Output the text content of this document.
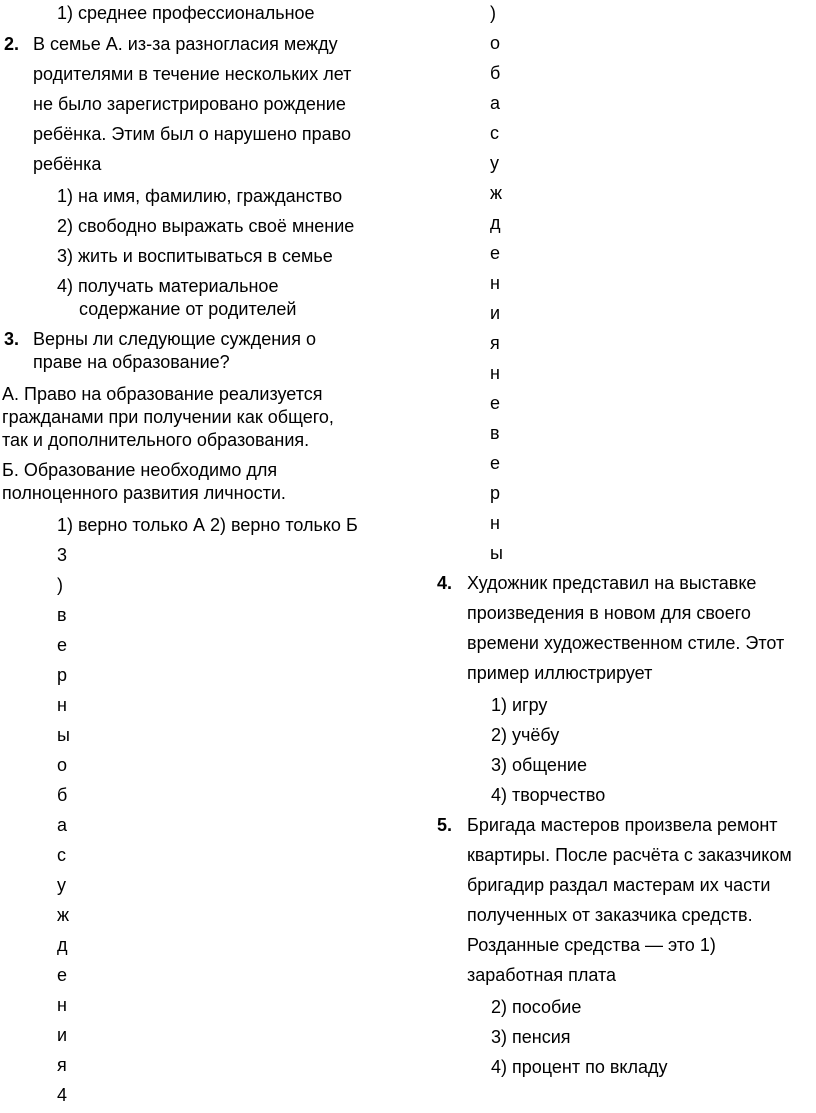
1) среднее профессиональное
2. В семье А. из-за разногласия между
родителями в течение нескольких лет
не было зарегистрировано рождение
ребёнка. Этим был о нарушено право
ребёнка
1) на имя, фамилию, гражданство
2) свободно выражать своё мнение
3) жить и воспитываться в семье
4) получать материальное
содержание от родителей
3. Верны ли следующие суждения о
праве на образование?
А. Право на образование реализуется
гражданами при получении как общего,
так и дополнительного образования.
Б. Образование необходимо для
полноценного развития личности.
1) верно только А 2) верно только Б
3
)
в
е
р
н
ы
о
б
а
с
у
ж
д
е
н
и
я
4
)
о
б
а
с
у
ж
д
е
н
и
я
н
е
в
е
р
н
ы
4. Художник представил на выставке
произведения в новом для своего
времени художественном стиле. Этот
пример иллюстрирует
1) игру
2) учёбу
3) общение
4) творчество
5. Бригада мастеров произвела ремонт
квартиры. После расчёта с заказчиком
бригадир раздал мастерам их части
полученных от заказчика средств.
Розданные средства — это 1)
заработная плата
2) пособие
3) пенсия
4) процент по вкладу
